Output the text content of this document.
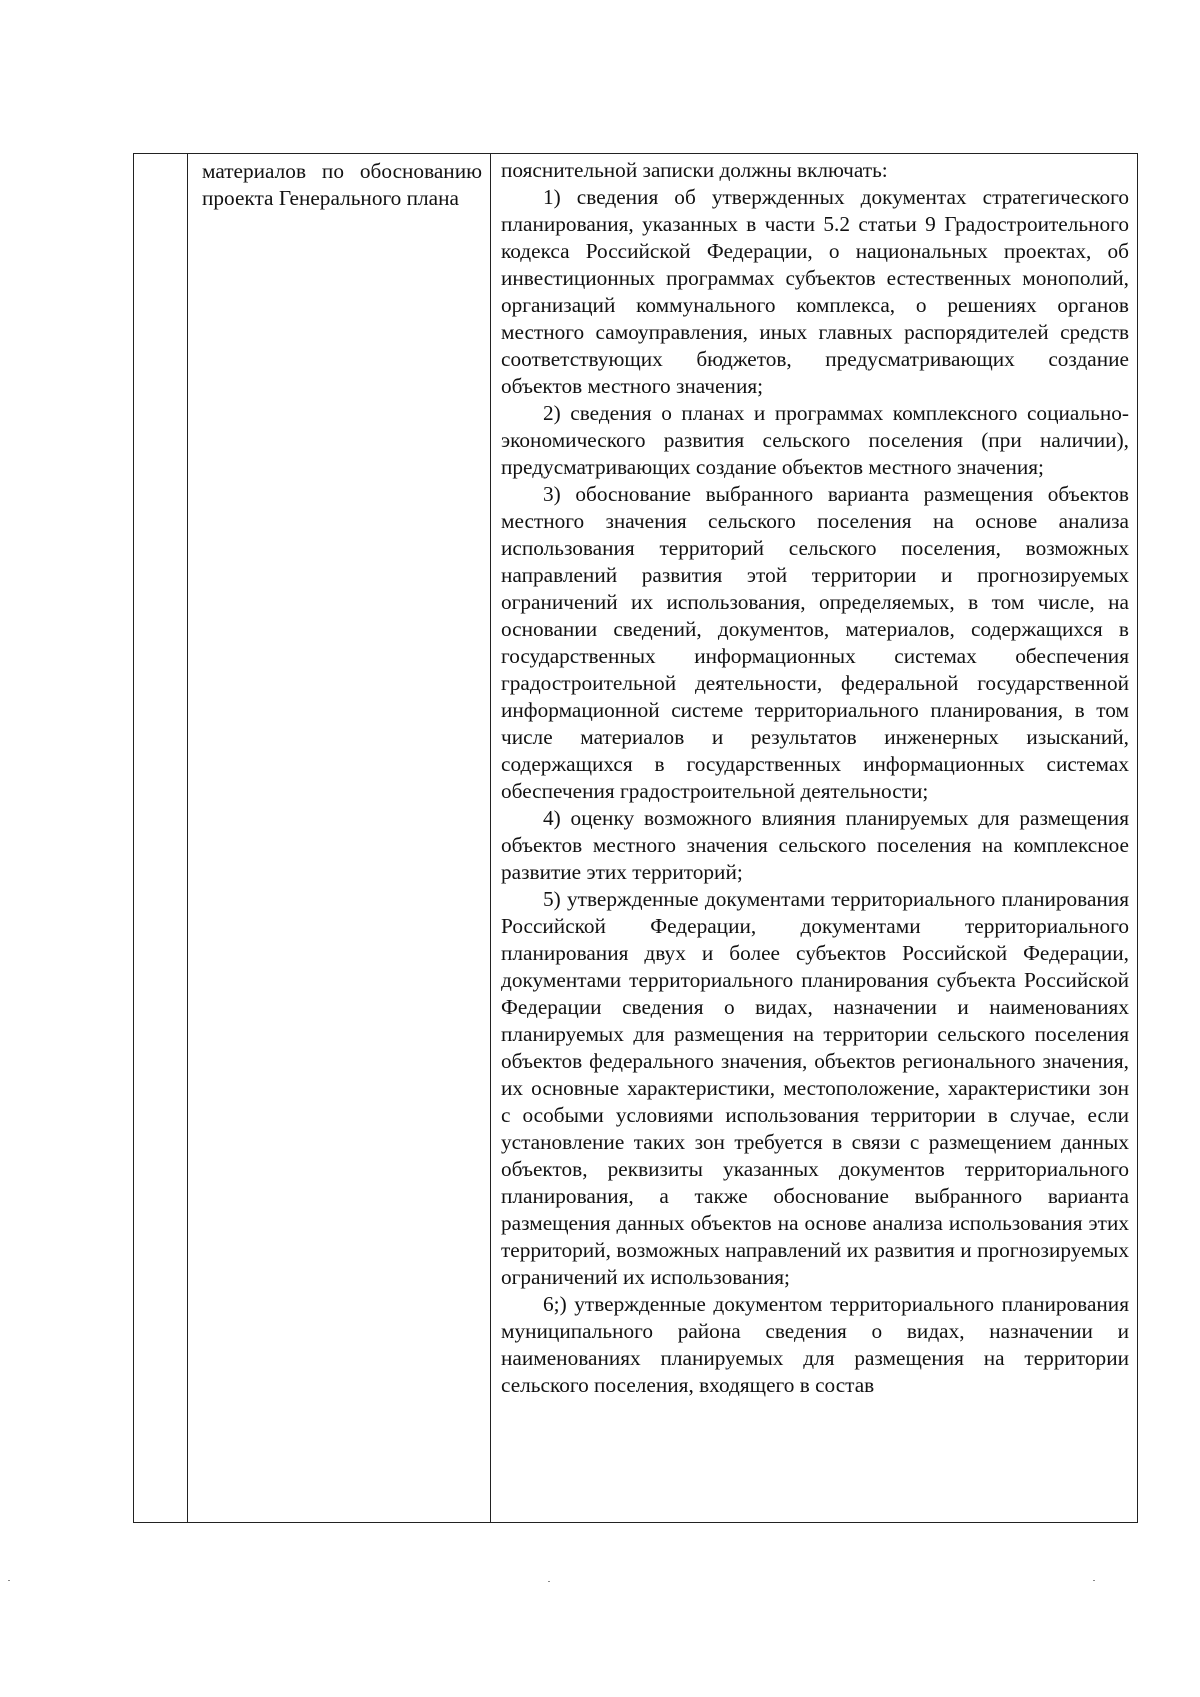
материалов по обоснованию проекта Генерального плана

пояснительной записки должны включать:

1) сведения об утвержденных документах стратегического планирования, указанных в части 5.2 статьи 9 Градостроительного кодекса Российской Федерации, о национальных проектах, об инвестиционных программах субъектов естественных монополий, организаций коммунального комплекса, о решениях органов местного самоуправления, иных главных распорядителей средств соответствующих бюджетов, предусматривающих создание объектов местного значения;

2) сведения о планах и программах комплексного социально-экономического развития сельского поселения (при наличии), предусматривающих создание объектов местного значения;

3) обоснование выбранного варианта размещения объектов местного значения сельского поселения на основе анализа использования территорий сельского поселения, возможных направлений развития этой территории и прогнозируемых ограничений их использования, определяемых, в том числе, на основании сведений, документов, материалов, содержащихся в государственных информационных системах обеспечения градостроительной деятельности, федеральной государственной информационной системе территориального планирования, в том числе материалов и результатов инженерных изысканий, содержащихся в государственных информационных системах обеспечения градостроительной деятельности;

4) оценку возможного влияния планируемых для размещения объектов местного значения сельского поселения на комплексное развитие этих территорий;

5) утвержденные документами территориального планирования Российской Федерации, документами территориального планирования двух и более субъектов Российской Федерации, документами территориального планирования субъекта Российской Федерации сведения о видах, назначении и наименованиях планируемых для размещения на территории сельского поселения объектов федерального значения, объектов регионального значения, их основные характеристики, местоположение, характеристики зон с особыми условиями использования территории в случае, если установление таких зон требуется в связи с размещением данных объектов, реквизиты указанных документов территориального планирования, а также обоснование выбранного варианта размещения данных объектов на основе анализа использования этих территорий, возможных направлений их развития и прогнозируемых ограничений их использования;

6;) утвержденные документом территориального планирования муниципального района сведения о видах, назначении и наименованиях планируемых для размещения на территории сельского поселения, входящего в состав
